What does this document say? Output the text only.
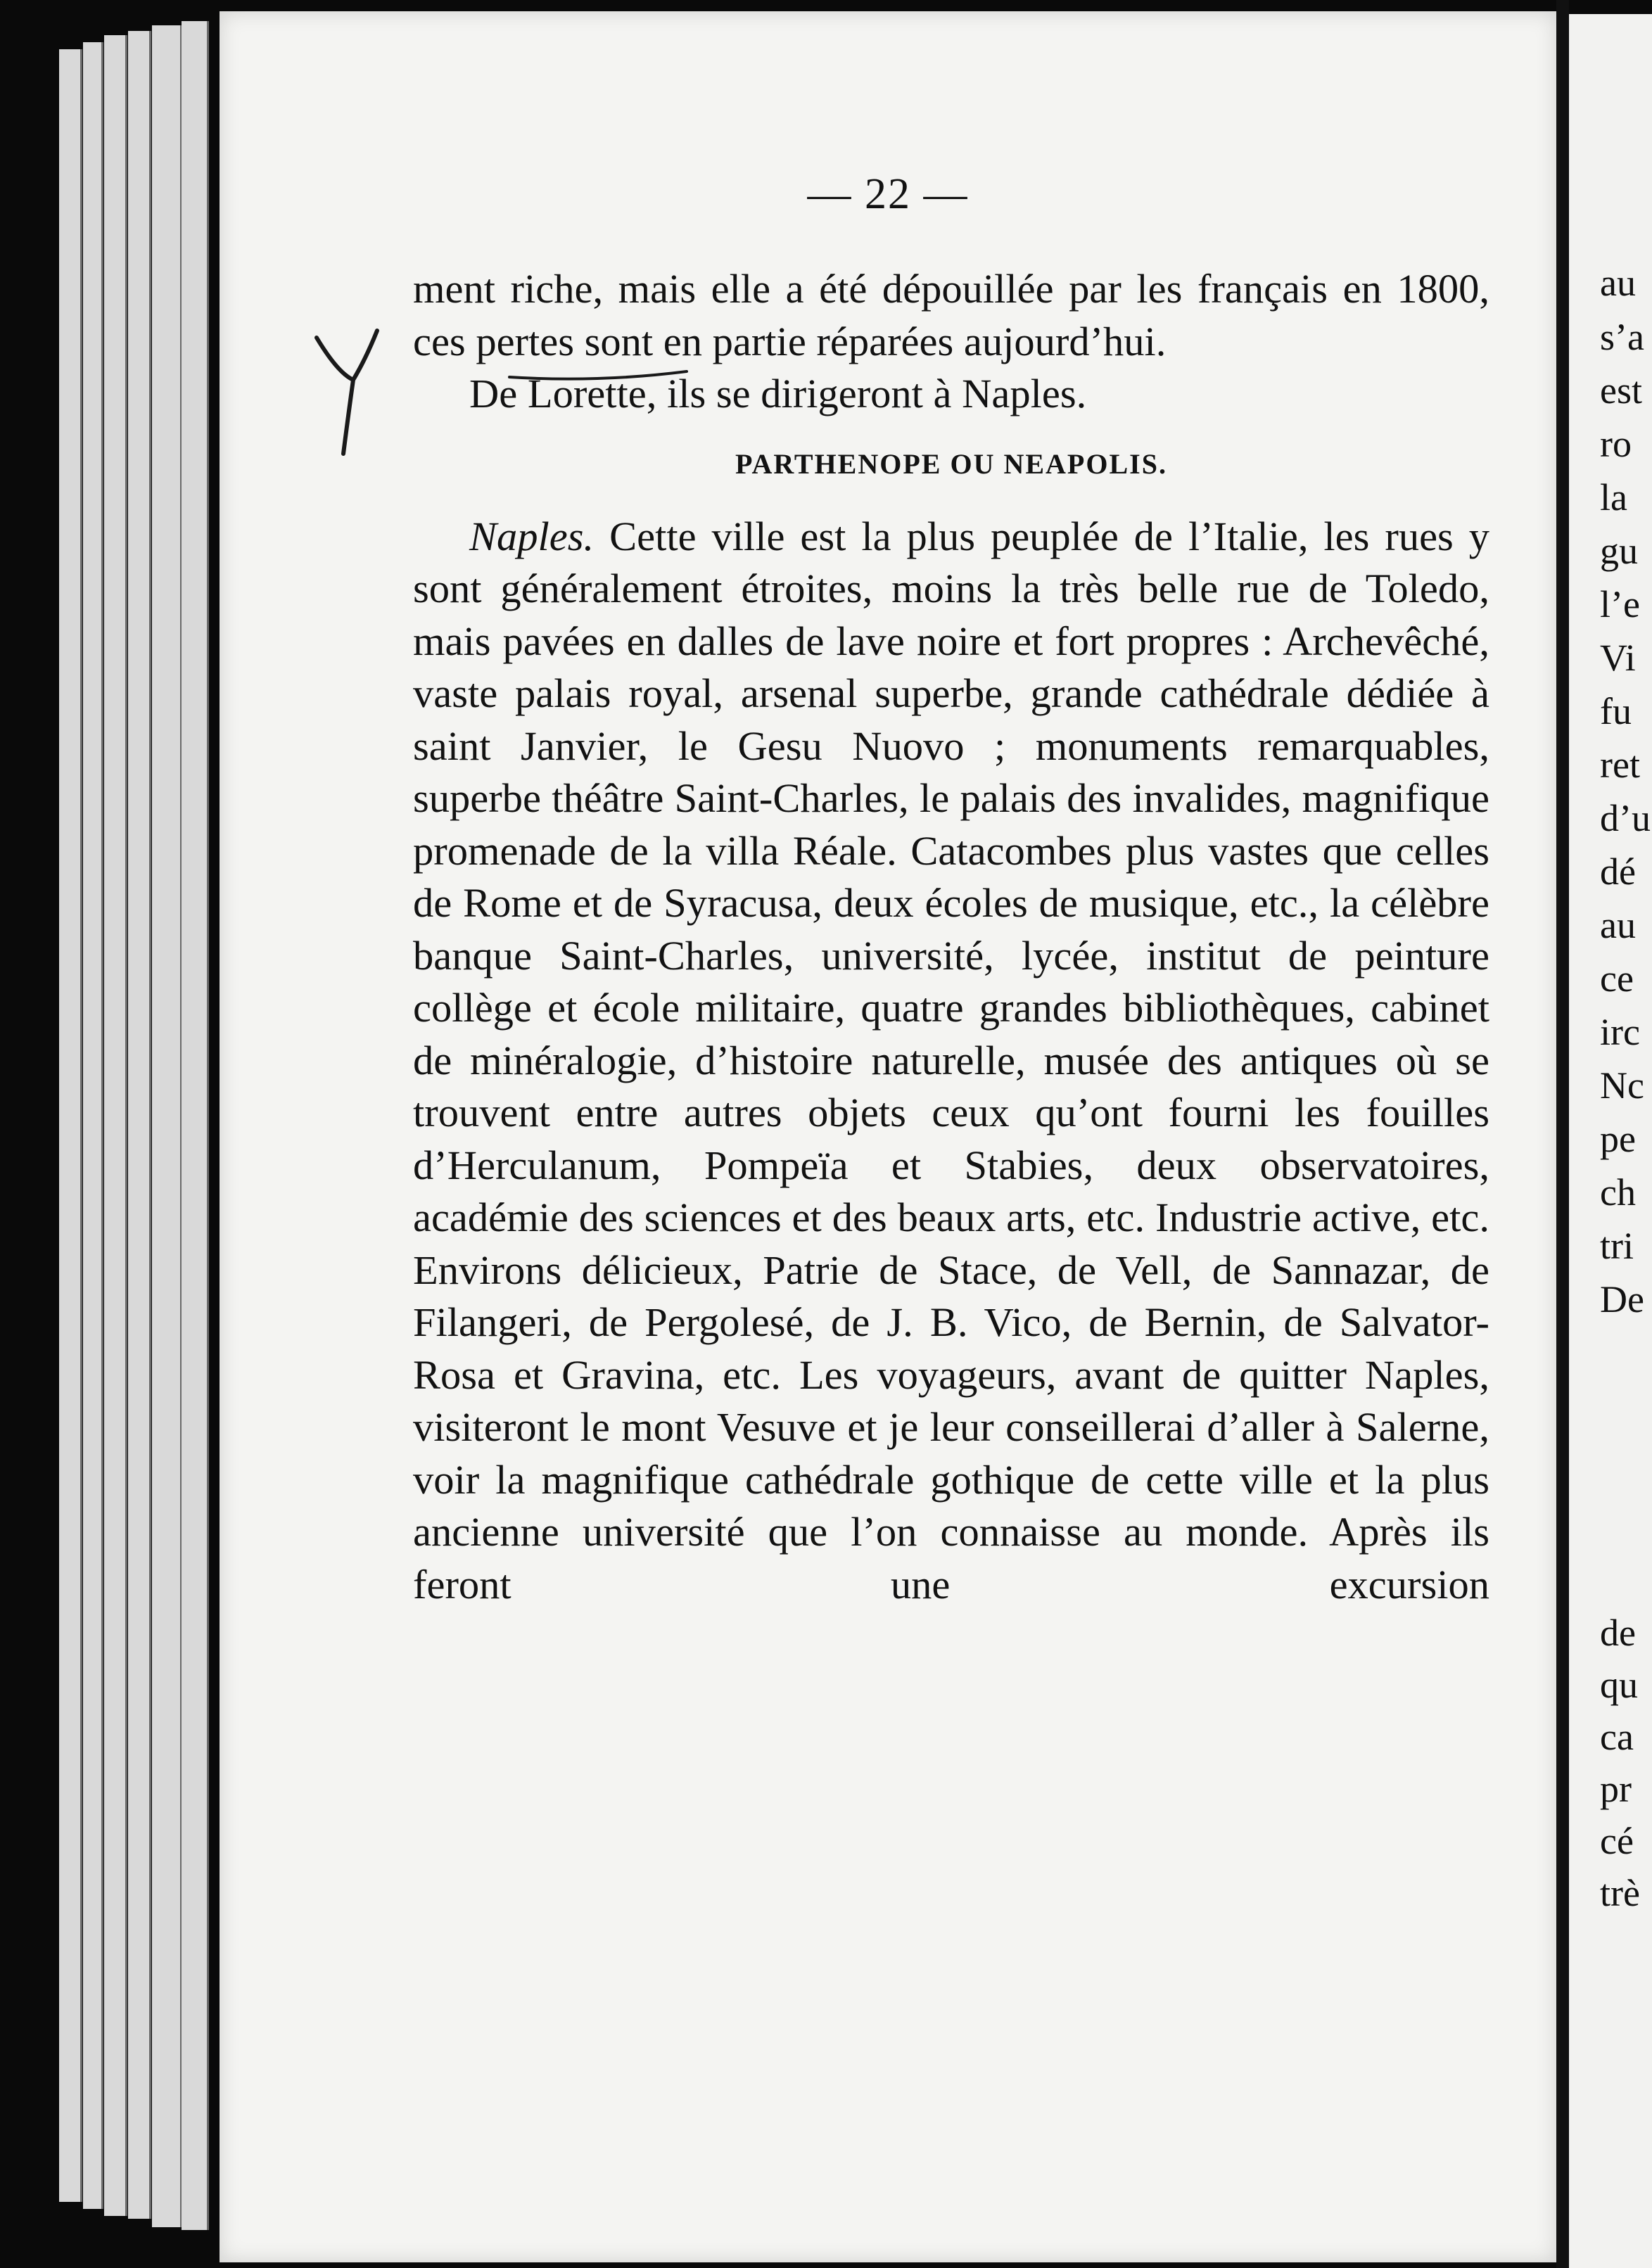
— 22 —

ment riche, mais elle a été dépouillée par les français en 1800, ces pertes sont en partie réparées aujourd’hui.

De Lorette, ils se dirigeront à Naples.

PARTHENOPE OU NEAPOLIS.

Naples. Cette ville est la plus peuplée de l’Italie, les rues y sont généralement étroites, moins la très belle rue de Toledo, mais pavées en dalles de lave noire et fort propres : Archevêché, vaste palais royal, arsenal superbe, grande cathédrale dédiée à saint Janvier, le Gesu Nuovo ; monuments remarquables, superbe théâtre Saint-Charles, le palais des invalides, magnifique promenade de la villa Réale. Catacombes plus vastes que celles de Rome et de Syracusa, deux écoles de musique, etc., la célèbre banque Saint-Charles, université, lycée, institut de peinture collège et école militaire, quatre grandes bibliothèques, cabinet de minéralogie, d’histoire naturelle, musée des antiques où se trouvent entre autres objets ceux qu’ont fourni les fouilles d’Herculanum, Pompeïa et Stabies, deux observatoires, académie des sciences et des beaux arts, etc. Industrie active, etc. Environs délicieux, Patrie de Stace, de Vell, de Sannazar, de Filangeri, de Pergolesé, de J. B. Vico, de Bernin, de Salvator-Rosa et Gravina, etc. Les voyageurs, avant de quitter Naples, visiteront le mont Vesuve et je leur conseillerai d’aller à Salerne, voir la magnifique cathédrale gothique de cette ville et la plus ancienne université que l’on connaisse au monde. Après ils feront une excursion

au
s’a
est
ro
la
gu
l’e
Vi
fu
ret
d’u
dé
au
ce
irc
Nc
pe
ch
tri
De
de
qu
ca
pr
cé
trè
